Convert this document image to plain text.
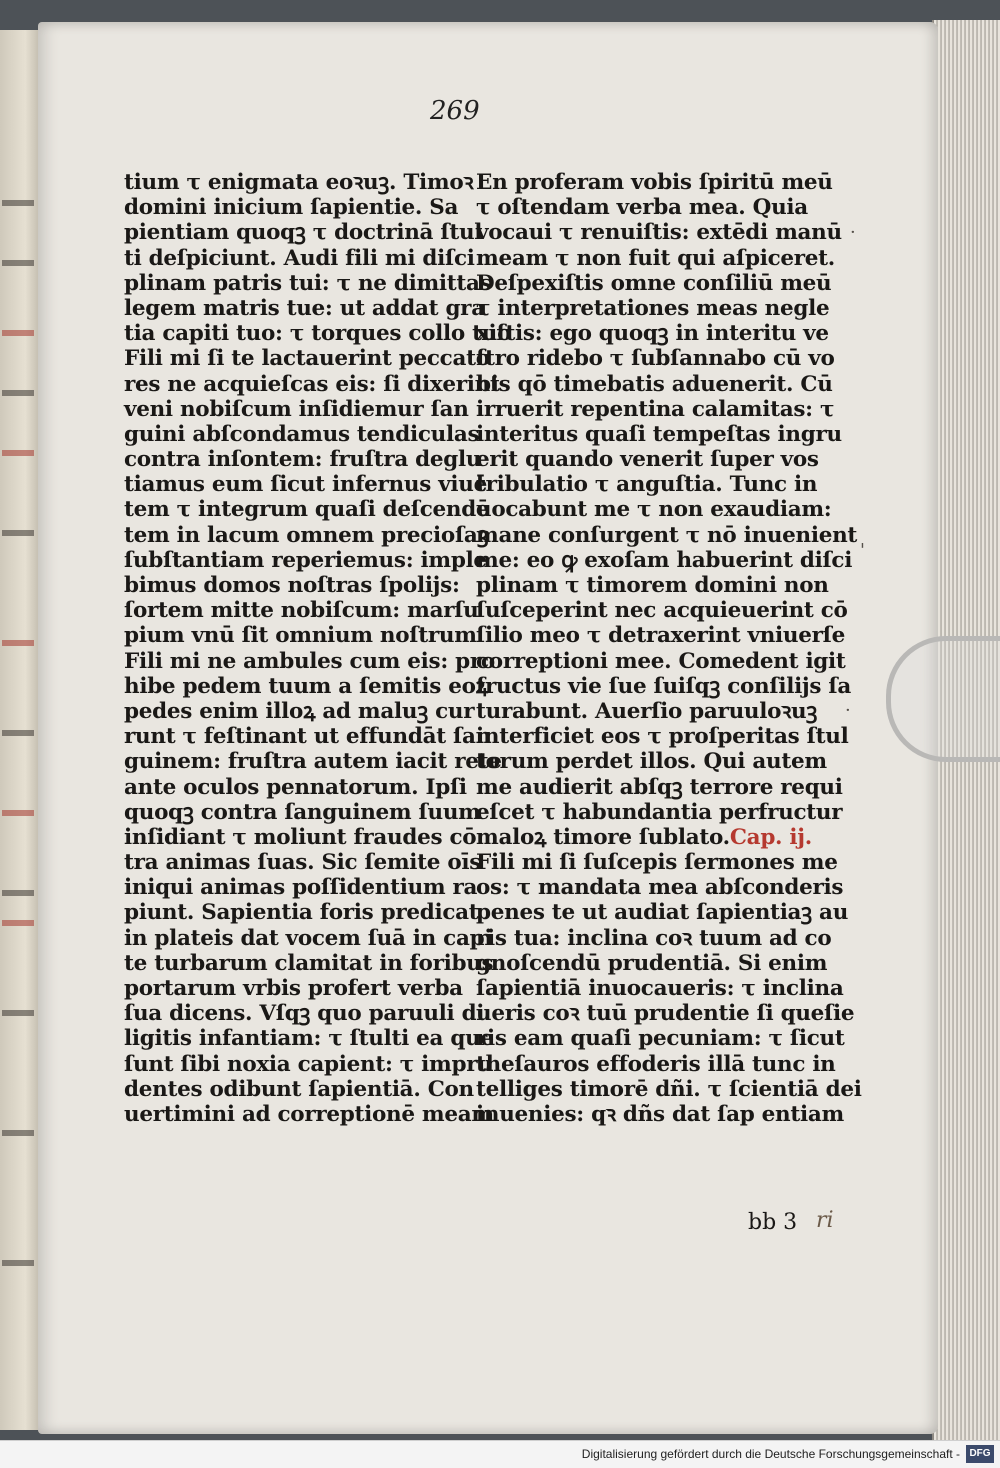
269
tium τ enigmata eoꝛuꝫ. Timoꝛ
domini inicium ſapientie. Sa
pientiam quoqꝫ τ doctrinā ſtul
ti deſpiciunt. Audi fili mi diſci
plinam patris tui: τ ne dimittas
legem matris tue: ut addat gra
tia capiti tuo: τ torques collo tuo
Fili mi ſi te lactauerint peccato
res ne acquieſcas eis: ſi dixerint
veni nobiſcum inſidiemur ſan
guini abſcondamus tendiculas
contra inſontem: fruſtra deglu
tiamus eum ſicut infernus viuē
tem τ integrum quaſi deſcendē
tem in lacum omnem precioſaꝫ
ſubſtantiam reperiemus: imple
bimus domos noſtras ſpolijs:
ſortem mitte nobiſcum: marſu
pium vnū ſit omnium noſtrum
Fili mi ne ambules cum eis: pro
hibe pedem tuum a ſemitis eoꝝ
pedes enim illoꝝ ad maluꝫ cur
runt τ feſtinant ut effundāt ſan
guinem: fruſtra autem iacit rete
ante oculos pennatorum. Ipſi
quoqꝫ contra ſanguinem ſuum
inſidiant τ moliunt fraudes cō
tra animas ſuas. Sic ſemite oīs
iniqui animas poſſidentium ra
piunt. Sapientia foris predicat
in plateis dat vocem ſuā in capi
te turbarum clamitat in foribus
portarum vrbis profert verba
ſua dicens. Vſqꝫ quo paruuli di
ligitis infantiam: τ ſtulti ea que
ſunt ſibi noxia capient: τ impru
dentes odibunt ſapientiā. Con
uertimini ad correptionē meam
En proferam vobis ſpiritū meū
τ oſtendam verba mea. Quia
vocaui τ renuiſtis: extēdi manū
meam τ non fuit qui aſpiceret.
Deſpexiſtis omne conſiliū meū
τ interpretationes meas negle
xiſtis: ego quoqꝫ in interitu ve
ſtro ridebo τ ſubſannabo cū vo
bis qō timebatis aduenerit. Cū
irruerit repentina calamitas: τ
interitus quaſi tempeſtas ingru
erit quando venerit ſuper vos
tribulatio τ anguſtia. Tunc in
uocabunt me τ non exaudiam:
mane conſurgent τ nō inuenient
me: eo ꝙ exoſam habuerint diſci
plinam τ timorem domini non
ſuſceperint nec acquieuerint cō
ſilio meo τ detraxerint vniuerſe
correptioni mee. Comedent igit
fructus vie ſue ſuiſqꝫ conſilijs ſa
turabunt. Auerſio paruuloꝛuꝫ
interficiet eos τ proſperitas ſtul
torum perdet illos. Qui autem
me audierit abſqꝫ terrore requi
eſcet τ habundantia perfructur
maloꝝ timore ſublato.Cap. ij.
Fili mi ſi ſuſcepis ſermones me
os: τ mandata mea abſconderis
penes te ut audiat ſapientiaꝫ au
ris tua: inclina coꝛ tuum ad co
gnoſcendū prudentiā. Si enim
ſapientiā inuocaueris: τ inclina
ueris coꝛ tuū prudentie ſi queſie
ris eam quaſi pecuniam: τ ſicut
theſauros effoderis illā tunc in
telliges timorē dñi. τ ſcientiā dei
inuenies: qꝛ dñs dat ſap entiam
bb 3 ri
·
'
·
Digitalisierung gefördert durch die Deutsche Forschungsgemeinschaft - DFG
